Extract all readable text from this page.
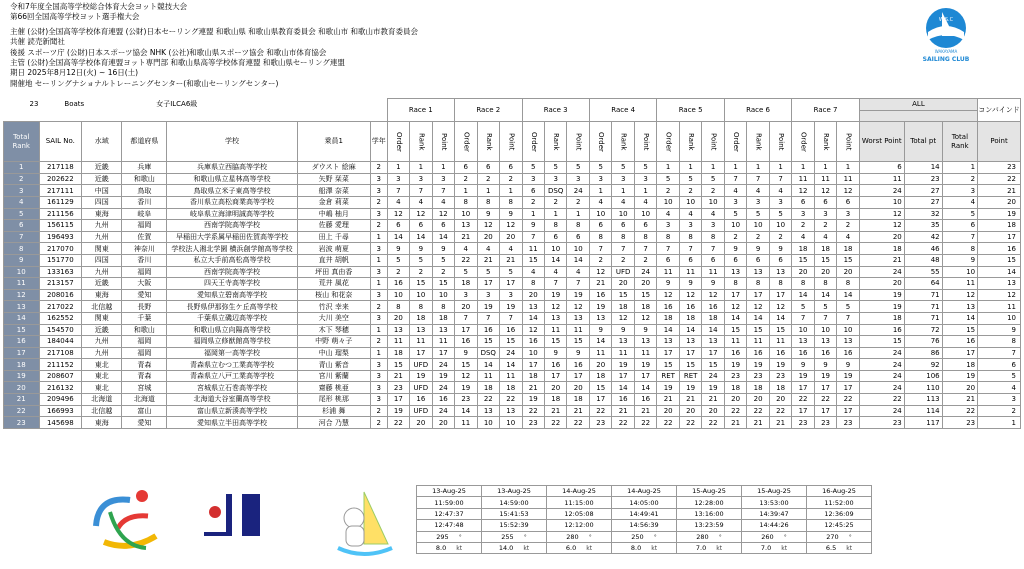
令和7年度全国高等学校総合体育大会ヨット競技大会
第66回全国高等学校ヨット選手権大会
主催 (公財)全国高等学校体育連盟 (公財)日本セーリング連盟 和歌山県 和歌山県教育委員会 和歌山市 和歌山市教育委員会
共催 読売新聞社
後援 スポーツ庁 (公財)日本スポーツ協会 NHK (公社)和歌山県スポーツ協会 和歌山市体育協会
主管 (公財)全国高等学校体育連盟ヨット専門部 和歌山県高等学校体育連盟 和歌山県セーリング連盟
期日 2025年8月12日(火) ~ 16日(土)
開催地 セーリングナショナルトレーニングセンター(和歌山セーリングセンター)
W.S.C
WAKAYAMA
SAILING CLUB
23 Boats 女子ILCA6級							Race 1			Race 2			Race 3			Race 4			Race 5			Race 6			Race 7			ALL			コンバインド

Total Rank	SAIL No.	水域	都道府県	学校	乗員1	学年	Order	Rank	Point	Order	Rank	Point	Order	Rank	Point	Order	Rank	Point	Order	Rank	Point	Order	Rank	Point	Order	Rank	Point	Worst Point	Total pt	Total Rank	Point
1	217118	近畿	兵庫	兵庫県立西脇高等学校	ダウスト 絵麻	2	1	1	1	6	6	6	5	5	5	5	5	5	1	1	1	1	1	1	1	1	1	6	14	1	23
2	202622	近畿	和歌山	和歌山県立星林高等学校	矢野 栞菜	3	3	3	3	2	2	2	3	3	3	3	3	3	5	5	5	7	7	7	11	11	11	11	23	2	22
3	217111	中国	鳥取	鳥取県立米子東高等学校	船澤 奈菜	3	7	7	7	1	1	1	6	DSQ	24	1	1	1	2	2	2	4	4	4	12	12	12	24	27	3	21
4	161129	四国	香川	香川県立高松商業高等学校	金倉 莉菜	2	4	4	4	8	8	8	2	2	2	4	4	4	10	10	10	3	3	3	6	6	6	10	27	4	20
5	211156	東海	岐阜	岐阜県立海津明誠高等学校	中嶋 柚月	3	12	12	12	10	9	9	1	1	1	10	10	10	4	4	4	5	5	5	3	3	3	12	32	5	19
6	156115	九州	福岡	西南学院高等学校	佐藤 愛理	2	6	6	6	13	12	12	9	8	8	6	6	6	3	3	3	10	10	10	2	2	2	12	35	6	18
7	196493	九州	佐賀	早稲田大学系属早稲田佐賀高等学校	田上 千尋	1	14	14	14	21	20	20	7	6	6	8	8	8	8	8	8	2	2	2	4	4	4	20	42	7	17
8	217070	関東	神奈川	学校法人湘北学園 横浜創学館高等学校	岩波 萌夏	3	9	9	9	4	4	4	11	10	10	7	7	7	7	7	7	9	9	9	18	18	18	18	46	8	16
9	151770	四国	香川	私立大手前高松高等学校	直井 胡帆	1	5	5	5	22	21	21	15	14	14	2	2	2	6	6	6	6	6	6	15	15	15	21	48	9	15
10	133163	九州	福岡	西南学院高等学校	坪田 真由香	3	2	2	2	5	5	5	4	4	4	12	UFD	24	11	11	11	13	13	13	20	20	20	24	55	10	14
11	213157	近畿	大阪	四天王寺高等学校	荒井 風花	1	16	15	15	18	17	17	8	7	7	21	20	20	9	9	9	8	8	8	8	8	8	20	64	11	13
12	208016	東海	愛知	愛知県立碧南高等学校	桜山 和花奈	3	10	10	10	3	3	3	20	19	19	16	15	15	12	12	12	17	17	17	14	14	14	19	71	12	12
13	217022	北信越	長野	長野県伊那弥生ケ丘高等学校	竹沢 幸来	2	8	8	8	20	19	19	13	12	12	19	18	18	16	16	16	12	12	12	5	5	5	19	71	13	11
14	162552	関東	千葉	千葉県立磯辺高等学校	大川 美空	3	20	18	18	7	7	7	14	13	13	13	12	12	18	18	18	14	14	14	7	7	7	18	71	14	10
15	154570	近畿	和歌山	和歌山県立向陽高等学校	木下 琴穂	1	13	13	13	17	16	16	12	11	11	9	9	9	14	14	14	15	15	15	10	10	10	16	72	15	9
16	184044	九州	福岡	福岡県立修猷館高等学校	中野 萌々子	2	11	11	11	16	15	15	16	15	15	14	13	13	13	13	13	11	11	11	13	13	13	15	76	16	8
17	217108	九州	福岡	福岡第一高等学校	中山 瑠梨	1	18	17	17	9	DSQ	24	10	9	9	11	11	11	17	17	17	16	16	16	16	16	16	24	86	17	7
18	211152	東北	青森	青森県立むつ工業高等学校	青山 紫音	3	15	UFD	24	15	14	14	17	16	16	20	19	19	15	15	15	19	19	19	9	9	9	24	92	18	6
19	208607	東北	青森	青森県立八戸工業高等学校	宮川 紫蘭	3	21	19	19	12	11	11	18	17	17	18	17	17	RET	RET	24	23	23	23	19	19	19	24	106	19	5
20	216132	東北	宮城	宮城県立石巻高等学校	齋藤 桃亜	3	23	UFD	24	19	18	18	21	20	20	15	14	14	19	19	19	18	18	18	17	17	17	24	110	20	4
21	209496	北海道	北海道	北海道大谷室蘭高等学校	尾形 桃那	3	17	16	16	23	22	22	19	18	18	17	16	16	21	21	21	20	20	20	22	22	22	22	113	21	3
22	166993	北信越	富山	富山県立新湊高等学校	杉浦 舞	2	19	UFD	24	14	13	13	22	21	21	22	21	21	20	20	20	22	22	22	17	17	17	24	114	22	2
23	145698	東海	愛知	愛知県立半田高等学校	河合 乃慧	2	22	20	20	11	10	10	23	22	22	23	22	22	22	22	22	21	21	21	23	23	23	23	117	23	1
13-Aug-25	13-Aug-25	14-Aug-25	14-Aug-25	15-Aug-25	15-Aug-25	16-Aug-25
11:59:00	14:59:00	11:15:00	14:05:00	12:28:00	13:53:00	11:52:00
12:47:37	15:41:53	12:05:08	14:49:41	13:16:00	14:39:47	12:36:09
12:47:48	15:52:39	12:12:00	14:56:39	13:23:59	14:44:26	12:45:25
295 °	255 °	280 °	250 °	280 °	260 °	270 °
8.0 kt	14.0 kt	6.0 kt	8.0 kt	7.0 kt	7.0 kt	6.5 kt
